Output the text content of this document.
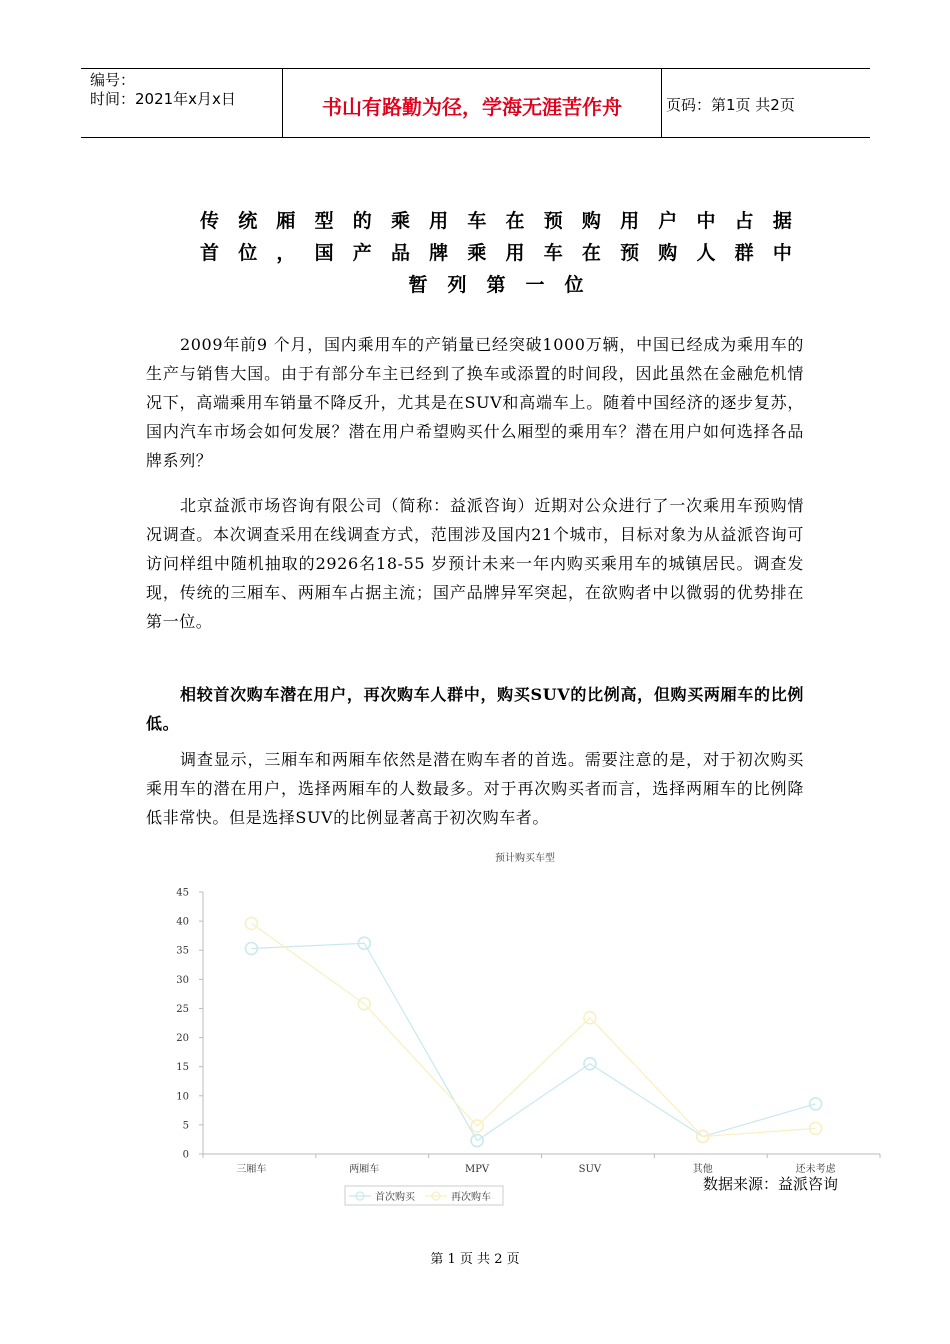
编号：
时间：2021年x月x日	书山有路勤为径，学海无涯苦作舟	页码：第1页 共2页
传 统 厢 型 的 乘 用 车 在 预 购 用 户 中 占 据
首 位 ， 国 产 品 牌 乘 用 车 在 预 购 人 群 中
暂 列 第 一 位

2009年前9 个月，国内乘用车的产销量已经突破1000万辆，中国已经成为乘用车的生产与销售大国。由于有部分车主已经到了换车或添置的时间段，因此虽然在金融危机情况下，高端乘用车销量不降反升，尤其是在SUV和高端车上。随着中国经济的逐步复苏，国内汽车市场会如何发展？潜在用户希望购买什么厢型的乘用车？潜在用户如何选择各品牌系列？

北京益派市场咨询有限公司（简称：益派咨询）近期对公众进行了一次乘用车预购情况调查。本次调查采用在线调查方式，范围涉及国内21个城市，目标对象为从益派咨询可访问样组中随机抽取的2926名18-55 岁预计未来一年内购买乘用车的城镇居民。调查发现，传统的三厢车、两厢车占据主流；国产品牌异军突起，在欲购者中以微弱的优势排在第一位。

相较首次购车潜在用户，再次购车人群中，购买SUV的比例高，但购买两厢车的比例低。

调查显示，三厢车和两厢车依然是潜在购车者的首选。需要注意的是，对于初次购买乘用车的潜在用户，选择两厢车的人数最多。对于再次购买者而言，选择两厢车的比例降低非常快。但是选择SUV的比例显著高于初次购车者。

预计购买车型
0
5
10
15
20
25
30
35
40
45
三厢车	两厢车	MPV	SUV	其他	还未考虑
首次购买	再次购车
数据来源：益派咨询
第 1 页 共 2 页
